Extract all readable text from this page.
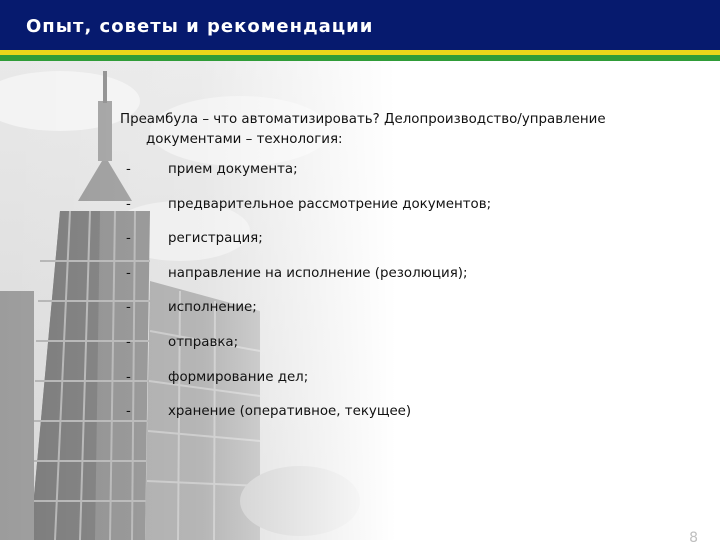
Опыт, советы и рекомендации
Преамбула – что автоматизировать? Делопроизводство/управление документами – технология:
-	прием документа;
-	предварительное рассмотрение документов;
-	регистрация;
-	направление на исполнение (резолюция);
-	исполнение;
-	отправка;
-	формирование дел;
-	хранение (оперативное, текущее)
8
